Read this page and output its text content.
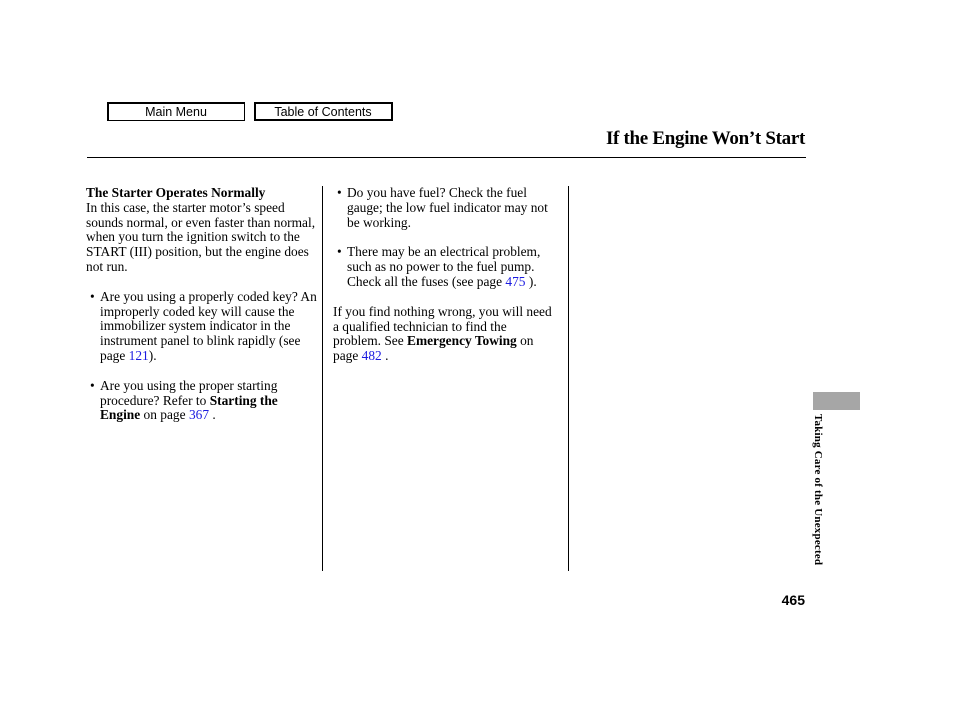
Main Menu	Table of Contents
If the Engine Won’t Start
The Starter Operates Normally

In this case, the starter motor’s speed sounds normal, or even faster than normal, when you turn the ignition switch to the START (III) position, but the engine does not run.

• Are you using a properly coded key? An improperly coded key will cause the immobilizer system indicator in the instrument panel to blink rapidly (see page 121).

• Are you using the proper starting procedure? Refer to Starting the Engine on page 367 .

• Do you have fuel? Check the fuel gauge; the low fuel indicator may not be working.

• There may be an electrical problem, such as no power to the fuel pump. Check all the fuses (see page 475 ).

If you find nothing wrong, you will need a qualified technician to find the problem. See Emergency Towing on page 482 .

Taking Care of the Unexpected
465
